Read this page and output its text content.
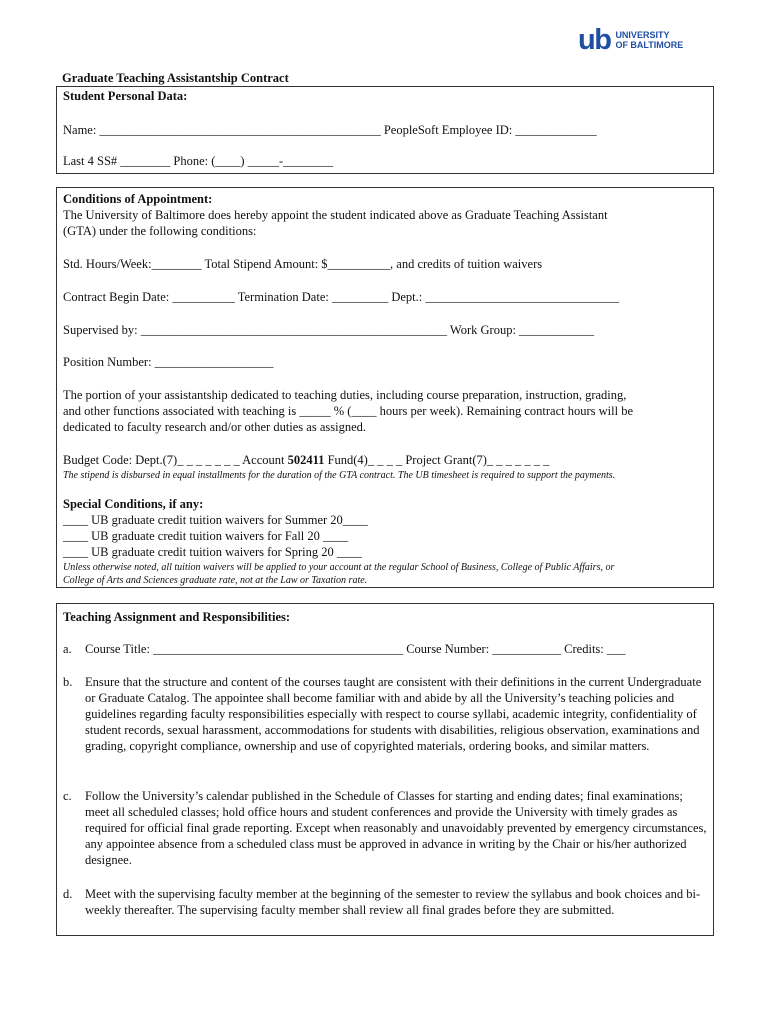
ub UNIVERSITY
OF BALTIMORE
Graduate Teaching Assistantship Contract
Student Personal Data:
Name: _____________________________________________ PeopleSoft Employee ID: _____________
Last 4 SS# ________ Phone: (____) _____-________
Conditions of Appointment:
The University of Baltimore does hereby appoint the student indicated above as Graduate Teaching Assistant
(GTA) under the following conditions:
Std. Hours/Week:________ Total Stipend Amount: $__________, and credits of tuition waivers
Contract Begin Date: __________ Termination Date: _________ Dept.: _______________________________
Supervised by: _________________________________________________ Work Group: ____________
Position Number: ___________________
The portion of your assistantship dedicated to teaching duties, including course preparation, instruction, grading,
and other functions associated with teaching is _____ % (____ hours per week). Remaining contract hours will be
dedicated to faculty research and/or other duties as assigned.
Budget Code: Dept.(7)_ _ _ _ _ _ _ Account 502411 Fund(4)_ _ _ _ Project Grant(7)_ _ _ _ _ _ _
The stipend is disbursed in equal installments for the duration of the GTA contract. The UB timesheet is required to support the payments.
Special Conditions, if any:
____ UB graduate credit tuition waivers for Summer 20____
____ UB graduate credit tuition waivers for Fall 20 ____
____ UB graduate credit tuition waivers for Spring 20 ____
Unless otherwise noted, all tuition waivers will be applied to your account at the regular School of Business, College of Public Affairs, or
College of Arts and Sciences graduate rate, not at the Law or Taxation rate.
Teaching Assignment and Responsibilities:
a. Course Title: ________________________________________ Course Number: ___________ Credits: ___
b. Ensure that the structure and content of the courses taught are consistent with their definitions in the current Undergraduate or Graduate Catalog. The appointee shall become familiar with and abide by all the University’s teaching policies and guidelines regarding faculty responsibilities especially with respect to course syllabi, academic integrity, confidentiality of student records, sexual harassment, accommodations for students with disabilities, religious observation, examinations and grading, copyright compliance, ownership and use of copyrighted materials, ordering books, and similar matters.
c. Follow the University’s calendar published in the Schedule of Classes for starting and ending dates; final examinations; meet all scheduled classes; hold office hours and student conferences and provide the University with timely grades as required for official final grade reporting. Except when reasonably and unavoidably prevented by emergency circumstances, any appointee absence from a scheduled class must be approved in advance in writing by the Chair or his/her authorized designee.
d. Meet with the supervising faculty member at the beginning of the semester to review the syllabus and book choices and bi-weekly thereafter. The supervising faculty member shall review all final grades before they are submitted.
